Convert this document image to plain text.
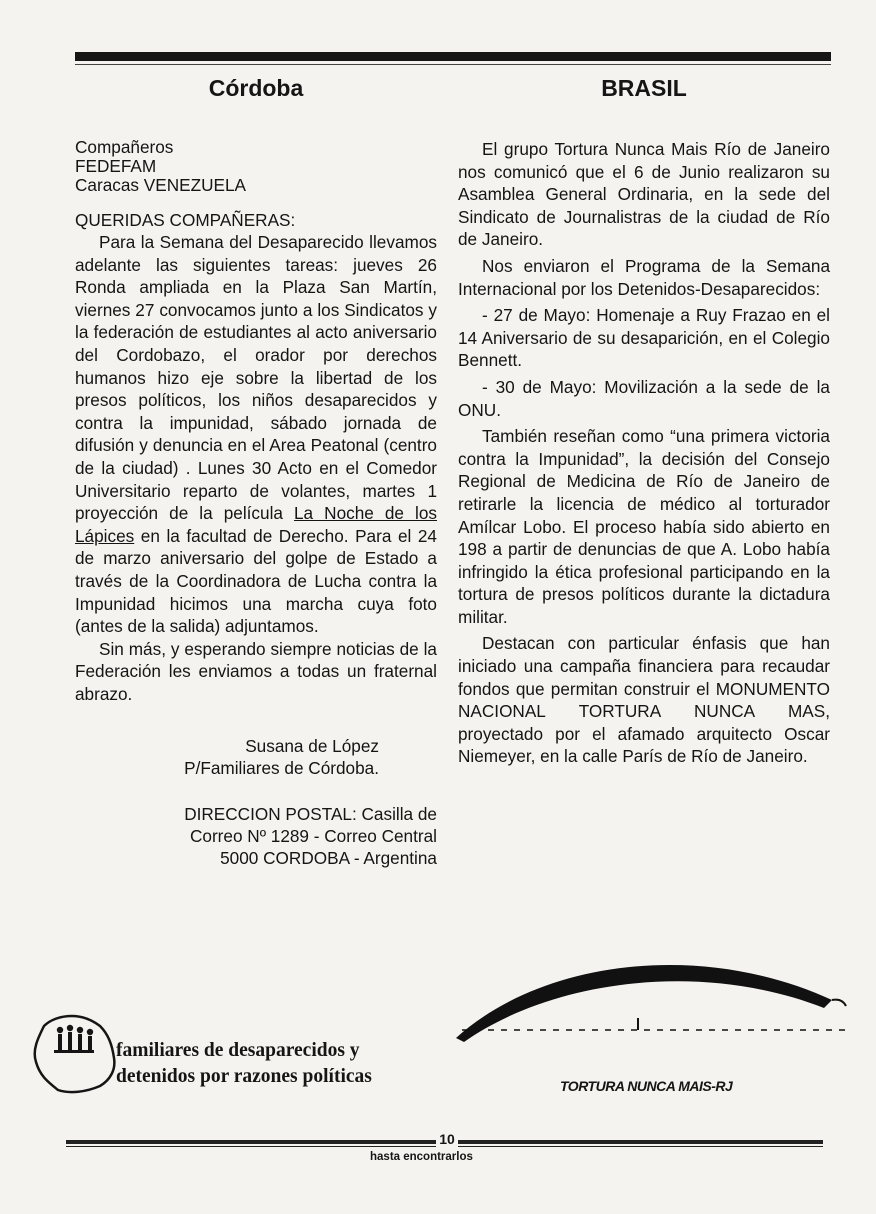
Córdoba

Compañeros

FEDEFAM

Caracas VENEZUELA

QUERIDAS COMPAÑERAS:

Para la Semana del Desaparecido llevamos adelante las siguientes tareas: jueves 26 Ronda ampliada en la Plaza San Martín, viernes 27 convocamos junto a los Sindicatos y la federación de estudiantes al acto aniversario del Cordobazo, el orador por derechos humanos hizo eje sobre la libertad de los presos políticos, los niños desaparecidos y contra la impunidad, sábado jornada de difusión y denuncia en el Area Peatonal (centro de la ciudad) . Lunes 30 Acto en el Comedor Universitario reparto de volantes, martes 1 proyección de la película La Noche de los Lápices en la facultad de Derecho. Para el 24 de marzo aniversario del golpe de Estado a través de la Coordinadora de Lucha contra la Impunidad hicimos una marcha cuya foto (antes de la salida) adjuntamos.

Sin más, y esperando siempre noticias de la Federación les enviamos a todas un fraternal abrazo.

Susana de López
P/Familiares de Córdoba.
DIRECCION POSTAL: Casilla de
Correo Nº 1289 - Correo Central
5000 CORDOBA - Argentina
BRASIL

El grupo Tortura Nunca Mais Río de Janeiro nos comunicó que el 6 de Junio realizaron su Asamblea General Ordinaria, en la sede del Sindicato de Journalistras de la ciudad de Río de Janeiro.

Nos enviaron el Programa de la Semana Internacional por los Detenidos-Desaparecidos:

- 27 de Mayo: Homenaje a Ruy Frazao en el 14 Aniversario de su desaparición, en el Colegio Bennett.

- 30 de Mayo: Movilización a la sede de la ONU.

También reseñan como “una primera victoria contra la Impunidad”, la decisión del Consejo Regional de Medicina de Río de Janeiro de retirarle la licencia de médico al torturador Amílcar Lobo. El proceso había sido abierto en 198 a partir de denuncias de que A. Lobo había infringido la ética profesional participando en la tortura de presos políticos durante la dictadura militar.

Destacan con particular énfasis que han iniciado una campaña financiera para recaudar fondos que permitan construir el MONUMENTO NACIONAL TORTURA NUNCA MAS, proyectado por el afamado arquitecto Oscar Niemeyer, en la calle París de Río de Janeiro.

familiares de desaparecidos y
detenidos por razones políticas	TORTURA NUNCA MAIS-RJ
10
hasta encontrarlos
